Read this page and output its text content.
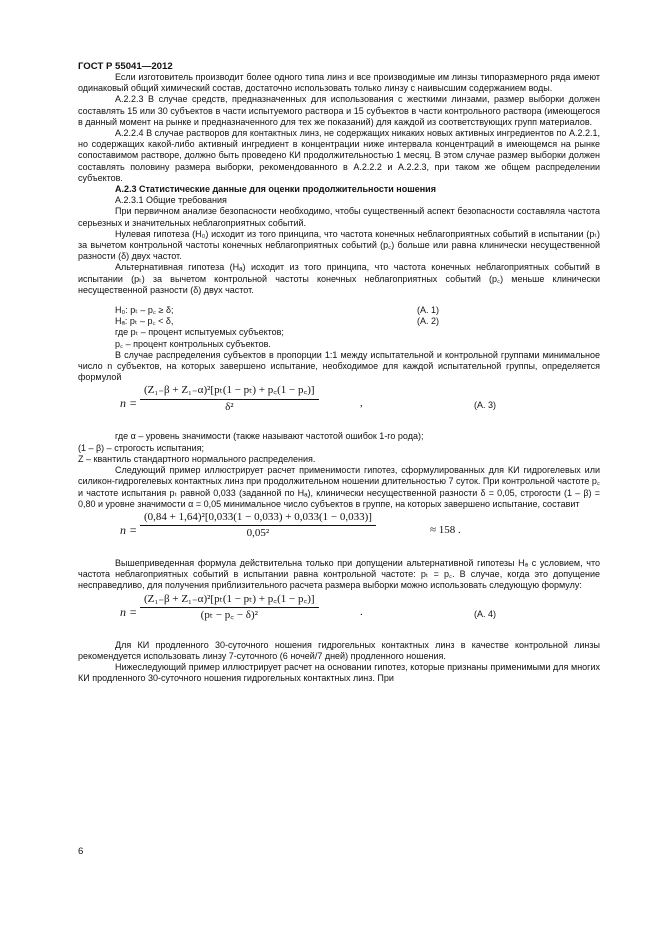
ГОСТ Р 55041—2012

Если изготовитель производит более одного типа линз и все производимые им линзы типоразмерного ряда имеют одинаковый общий химический состав, достаточно использовать только линзу с наивысшим содержанием воды.

А.2.2.3 В случае средств, предназначенных для использования с жесткими линзами, размер выборки должен составлять 15 или 30 субъектов в части испытуемого раствора и 15 субъектов в части контрольного раствора (имеющегося в данный момент на рынке и предназначенного для тех же показаний) для каждой из соответствующих групп материалов.

А.2.2.4 В случае растворов для контактных линз, не содержащих никаких новых активных ингредиентов по А.2.2.1, но содержащих какой-либо активный ингредиент в концентрации ниже интервала концентраций в имеющемся на рынке сопоставимом растворе, должно быть проведено КИ продолжительностью 1 месяц. В этом случае размер выборки должен составлять половину размера выборки, рекомендованного в А.2.2.2 и А.2.2.3, при таком же общем распределении субъектов.

А.2.3 Статистические данные для оценки продолжительности ношения

А.2.3.1 Общие требования

При первичном анализе безопасности необходимо, чтобы существенный аспект безопасности составляла частота серьезных и значительных неблагоприятных событий.

Нулевая гипотеза (H₀) исходит из того принципа, что частота конечных неблагоприятных событий в испытании (pₜ) за вычетом контрольной частоты конечных неблагоприятных событий (p꜀) больше или равна клинически несущественной разности (δ) двух частот.

Альтернативная гипотеза (Hₐ) исходит из того принципа, что частота конечных неблагоприятных событий в испытании (pₜ) за вычетом контрольной частоты конечных неблагоприятных событий (p꜀) меньше клинически несущественной разности (δ) двух частот.

H₀: pₜ – p꜀ ≥ δ;	(А. 1)
Hₐ: pₜ – p꜀ < δ,	(А. 2)

где pₜ – процент испытуемых субъектов;

p꜀ – процент контрольных субъектов.

В случае распределения субъектов в пропорции 1:1 между испытательной и контрольной группами минимальное число n субъектов, на которых завершено испытание, необходимое для каждой испытательной группы, определяется формулой

$n = \frac{\text{(Z₁₋β + Z₁₋α)²[pₜ(1 − pₜ) + p꜀(1 − p꜀)]}}{\text{δ²}}$	,	(А. 3)

где α – уровень значимости (также называют частотой ошибок 1-го рода);

(1 – β) – строгость испытания;

Z – квантиль стандартного нормального распределения.

Следующий пример иллюстрирует расчет применимости гипотез, сформулированных для КИ гидрогелевых или силикон-гидрогелевых контактных линз при продолжительном ношении длительностью 7 суток. При контрольной частоте p꜀ и частоте испытания pₜ равной 0,033 (заданной по Hₐ), клинически несущественной разности δ = 0,05, строгости (1 – β) = 0,80 и уровне значимости α = 0,05 минимальное число субъектов в группе, на которых завершено испытание, составит

$n = \frac{\text{(0,84 + 1,64)²[0,033(1 − 0,033) + 0,033(1 − 0,033)]}}{\text{0,05²}}$	≈ 158 .

Вышеприведенная формула действительна только при допущении альтернативной гипотезы Hₐ с условием, что частота неблагоприятных событий в испытании равна контрольной частоте: pₜ = p꜀. В случае, когда это допущение несправедливо, для получения приблизительного расчета размера выборки можно использовать следующую формулу:

$n = \frac{\text{(Z₁₋β + Z₁₋α)²[pₜ(1 − pₜ) + p꜀(1 − p꜀)]}}{\text{(pₜ − p꜀ − δ)²}}$	.	(А. 4)

Для КИ продленного 30-суточного ношения гидрогельных контактных линз в качестве контрольной линзы рекомендуется использовать линзу 7-суточного (6 ночей/7 дней) продленного ношения.

Нижеследующий пример иллюстрирует расчет на основании гипотез, которые признаны применимыми для многих КИ продленного 30-суточного ношения гидрогельных контактных линз. При

6
